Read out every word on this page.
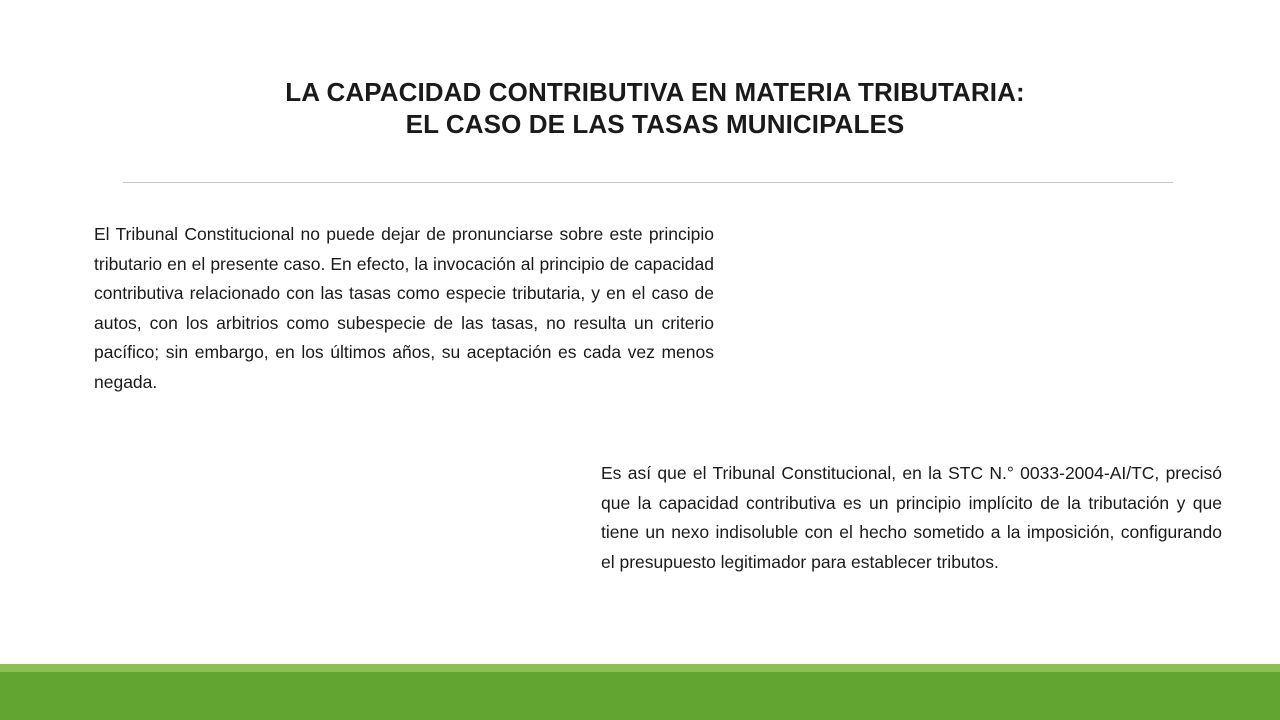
LA CAPACIDAD CONTRIBUTIVA EN MATERIA TRIBUTARIA:
EL CASO DE LAS TASAS MUNICIPALES

El Tribunal Constitucional no puede dejar de pronunciarse sobre este principio tributario en el presente caso. En efecto, la invocación al principio de capacidad contributiva relacionado con las tasas como especie tributaria, y en el caso de autos, con los arbitrios como subespecie de las tasas, no resulta un criterio pacífico; sin embargo, en los últimos años, su aceptación es cada vez menos negada.

Es así que el Tribunal Constitucional, en la STC N.° 0033-2004-AI/TC, precisó que la capacidad contributiva es un principio implícito de la tributación y que tiene un nexo indisoluble con el hecho sometido a la imposición, configurando el presupuesto legitimador para establecer tributos.
